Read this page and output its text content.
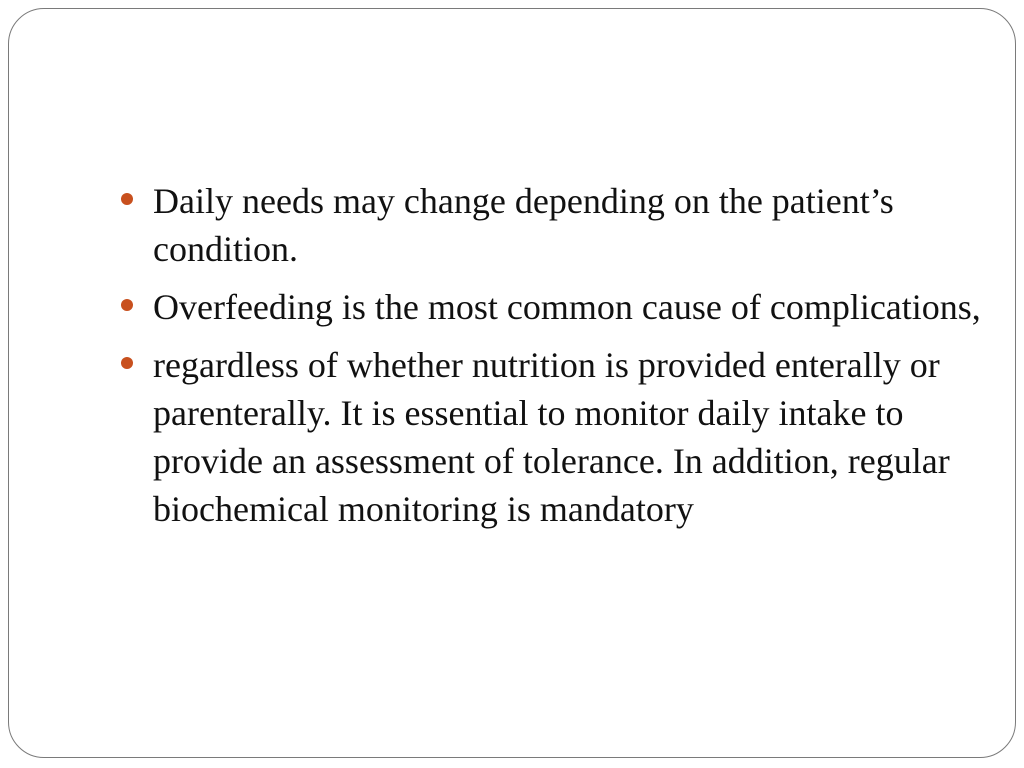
Daily needs may change depending on the patient’s condition.
Overfeeding is the most common cause of complications,
regardless of whether nutrition is provided enterally or parenterally. It is essential to monitor daily intake to provide an assessment of tolerance. In addition, regular biochemical monitoring is mandatory
